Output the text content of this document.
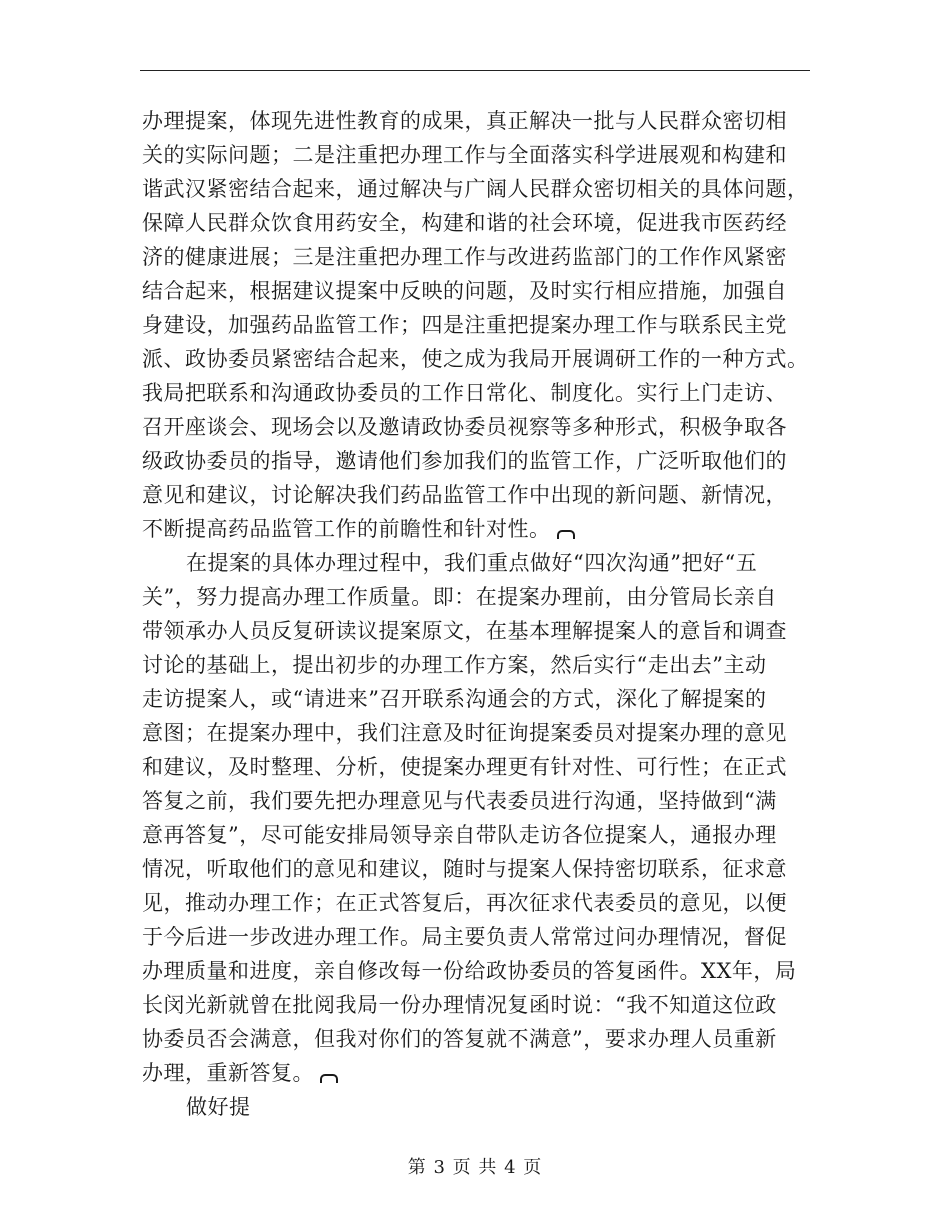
办理提案，体现先进性教育的成果，真正解决一批与人民群众密切相
关的实际问题；二是注重把办理工作与全面落实科学进展观和构建和
谐武汉紧密结合起来，通过解决与广阔人民群众密切相关的具体问题，
保障人民群众饮食用药安全，构建和谐的社会环境，促进我市医药经
济的健康进展；三是注重把办理工作与改进药监部门的工作作风紧密
结合起来，根据建议提案中反映的问题，及时实行相应措施，加强自
身建设，加强药品监管工作；四是注重把提案办理工作与联系民主党
派、政协委员紧密结合起来，使之成为我局开展调研工作的一种方式。
我局把联系和沟通政协委员的工作日常化、制度化。实行上门走访、
召开座谈会、现场会以及邀请政协委员视察等多种形式，积极争取各
级政协委员的指导，邀请他们参加我们的监管工作，广泛听取他们的
意见和建议，讨论解决我们药品监管工作中出现的新问题、新情况，
不断提高药品监管工作的前瞻性和针对性。
在提案的具体办理过程中，我们重点做好“四次沟通”把好“五
关”，努力提高办理工作质量。即：在提案办理前，由分管局长亲自
带领承办人员反复研读议提案原文，在基本理解提案人的意旨和调查
讨论的基础上，提出初步的办理工作方案，然后实行“走出去”主动
走访提案人，或“请进来”召开联系沟通会的方式，深化了解提案的
意图；在提案办理中，我们注意及时征询提案委员对提案办理的意见
和建议，及时整理、分析，使提案办理更有针对性、可行性；在正式
答复之前，我们要先把办理意见与代表委员进行沟通，坚持做到“满
意再答复”，尽可能安排局领导亲自带队走访各位提案人，通报办理
情况，听取他们的意见和建议，随时与提案人保持密切联系，征求意
见，推动办理工作；在正式答复后，再次征求代表委员的意见，以便
于今后进一步改进办理工作。局主要负责人常常过问办理情况，督促
办理质量和进度，亲自修改每一份给政协委员的答复函件。XX年，局
长闵光新就曾在批阅我局一份办理情况复函时说：“我不知道这位政
协委员否会满意，但我对你们的答复就不满意”，要求办理人员重新
办理，重新答复。
做好提
第 3 页 共 4 页
